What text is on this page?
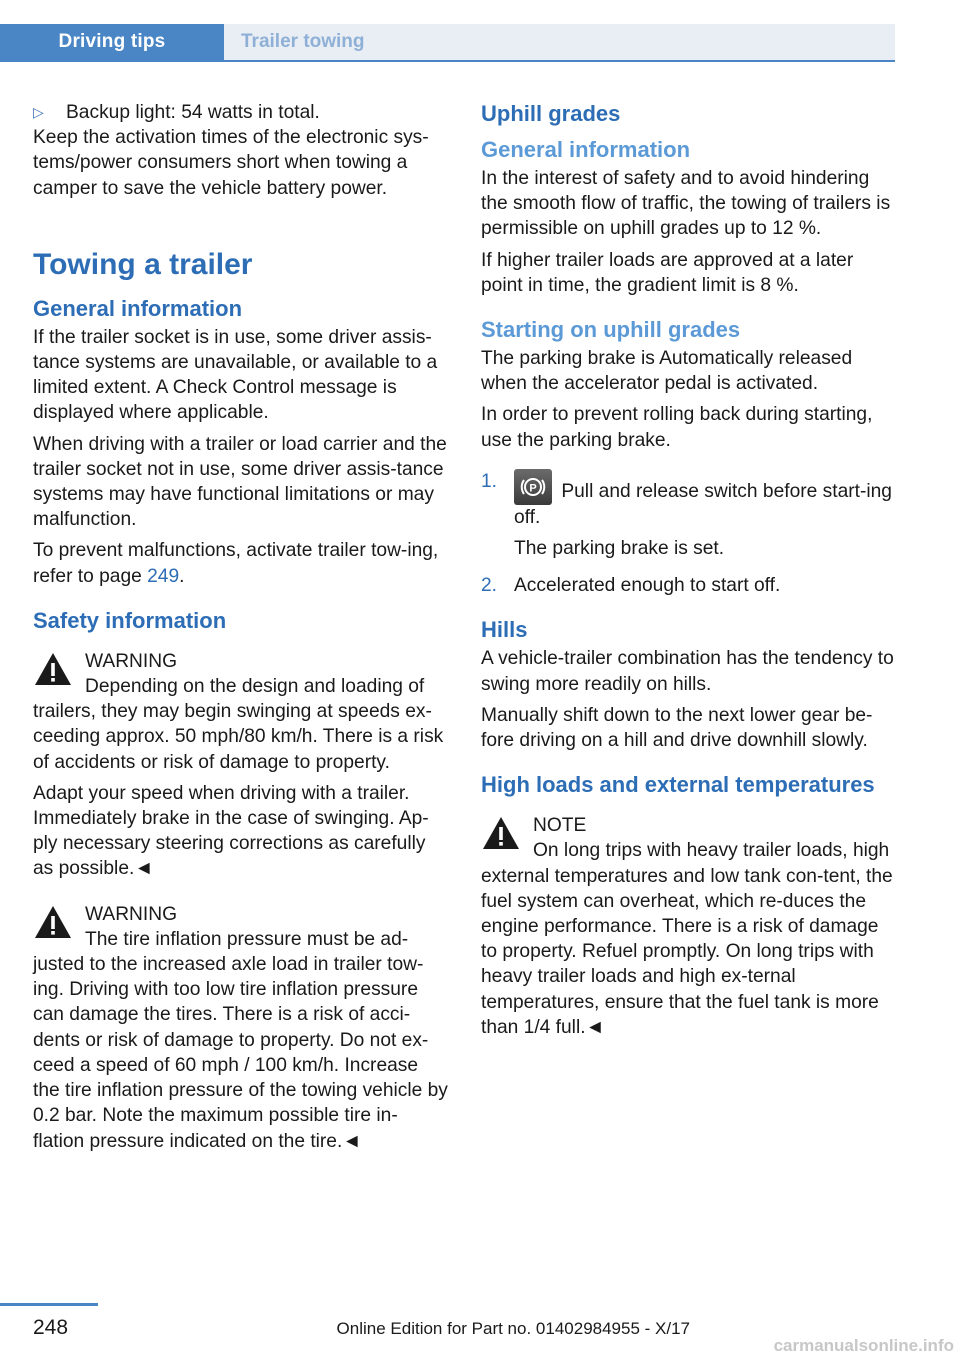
Driving tips	Trailer towing
▷	Backup light: 54 watts in total.

Keep the activation times of the electronic sys‐tems/power consumers short when towing a camper to save the vehicle battery power.

Towing a trailer
General information

If the trailer socket is in use, some driver assis‐tance systems are unavailable, or available to a limited extent. A Check Control message is displayed where applicable.

When driving with a trailer or load carrier and the trailer socket not in use, some driver assis‐tance systems may have functional limitations or may malfunction.

To prevent malfunctions, activate trailer tow‐ing, refer to page 249.

Safety information
WARNING
Depending on the design and loading of trailers, they may begin swinging at speeds ex‐ceeding approx. 50 mph/80 km/h. There is a risk of accidents or risk of damage to property.

Adapt your speed when driving with a trailer. Immediately brake in the case of swinging. Ap‐ply necessary steering corrections as carefully as possible.◄

WARNING
The tire inflation pressure must be ad‐justed to the increased axle load in trailer tow‐ing. Driving with too low tire inflation pressure can damage the tires. There is a risk of acci‐dents or risk of damage to property. Do not ex‐ceed a speed of 60 mph / 100 km/h. Increase the tire inflation pressure of the towing vehicle by 0.2 bar. Note the maximum possible tire in‐flation pressure indicated on the tire.◄
Uphill grades
General information

In the interest of safety and to avoid hindering the smooth flow of traffic, the towing of trailers is permissible on uphill grades up to 12 %.

If higher trailer loads are approved at a later point in time, the gradient limit is 8 %.

Starting on uphill grades

The parking brake is Automatically released when the accelerator pedal is activated.

In order to prevent rolling back during starting, use the parking brake.

1.	P Pull and release switch before start‐ing off.

The parking brake is set.

2. Accelerated enough to start off.
Hills

A vehicle-trailer combination has the tendency to swing more readily on hills.

Manually shift down to the next lower gear be‐fore driving on a hill and drive downhill slowly.

High loads and external temperatures
NOTE
On long trips with heavy trailer loads, high external temperatures and low tank con‐tent, the fuel system can overheat, which re‐duces the engine performance. There is a risk of damage to property. Refuel promptly. On long trips with heavy trailer loads and high ex‐ternal temperatures, ensure that the fuel tank is more than 1/4 full.◄
248	Online Edition for Part no. 01402984955 - X/17
carmanualsonline.info
